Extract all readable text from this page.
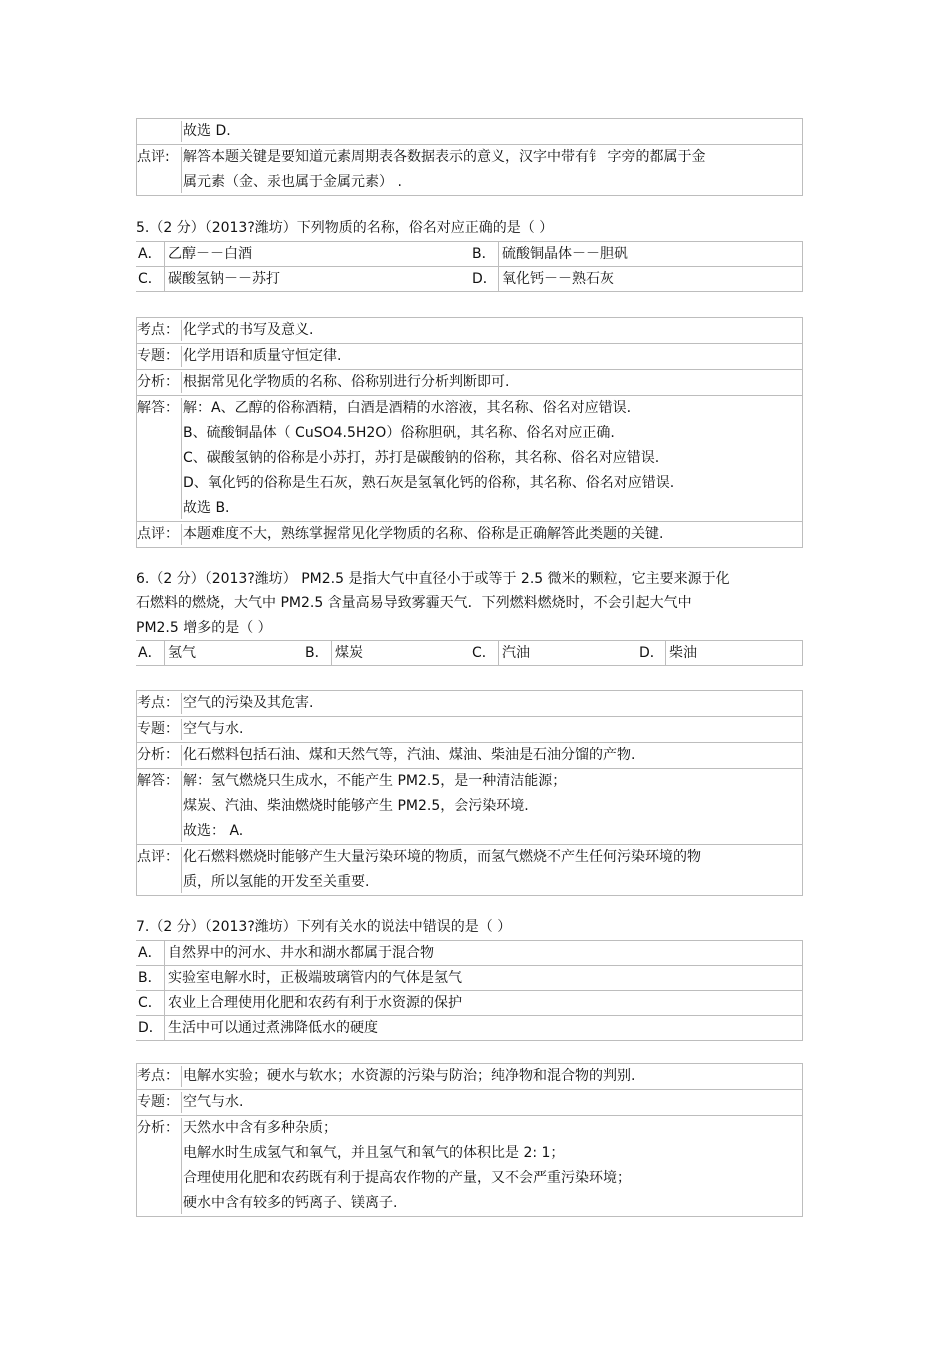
故选 D.
点评: 解答本题关键是要知道元素周期表各数据表示的意义，汉字中带有钅 字旁的都属于金
属元素（金、汞也属于金属元素） .
5.（2 分）（2013?潍坊）下列物质的名称，俗名对应正确的是（ ）
A． 乙醇－－白酒	B． 硫酸铜晶体－－胆矾
C． 碳酸氢钠－－苏打	D． 氧化钙－－熟石灰
考点： 化学式的书写及意义.
专题： 化学用语和质量守恒定律.
分析： 根据常见化学物质的名称、俗称别进行分析判断即可.
解答： 解：A、乙醇的俗称酒精，白酒是酒精的水溶液，其名称、俗名对应错误.
B、硫酸铜晶体（ CuSO4.5H2O）俗称胆矾，其名称、俗名对应正确.
C、碳酸氢钠的俗称是小苏打，苏打是碳酸钠的俗称，其名称、俗名对应错误.
D、氧化钙的俗称是生石灰，熟石灰是氢氧化钙的俗称，其名称、俗名对应错误.
故选 B.
点评： 本题难度不大，熟练掌握常见化学物质的名称、俗称是正确解答此类题的关键.
6.（2 分）（2013?潍坊） PM2.5 是指大气中直径小于或等于 2.5 微米的颗粒，它主要来源于化
石燃料的燃烧，大气中 PM2.5 含量高易导致雾霾天气．下列燃料燃烧时，不会引起大气中
PM2.5 增多的是（ ）
A． 氢气	B． 煤炭	C． 汽油	D． 柴油
考点： 空气的污染及其危害.
专题： 空气与水.
分析： 化石燃料包括石油、煤和天然气等，汽油、煤油、柴油是石油分馏的产物.
解答： 解：氢气燃烧只生成水，不能产生 PM2.5，是一种清洁能源；
煤炭、汽油、柴油燃烧时能够产生 PM2.5，会污染环境.
故选： A.
点评： 化石燃料燃烧时能够产生大量污染环境的物质，而氢气燃烧不产生任何污染环境的物
质，所以氢能的开发至关重要.
7.（2 分）（2013?潍坊）下列有关水的说法中错误的是（ ）
A． 自然界中的河水、井水和湖水都属于混合物
B． 实验室电解水时，正极端玻璃管内的气体是氢气
C． 农业上合理使用化肥和农药有利于水资源的保护
D． 生活中可以通过煮沸降低水的硬度
考点： 电解水实验；硬水与软水；水资源的污染与防治；纯净物和混合物的判别.
专题： 空气与水.
分析： 天然水中含有多种杂质；
电解水时生成氢气和氧气，并且氢气和氧气的体积比是 2: 1；
合理使用化肥和农药既有利于提高农作物的产量，又不会严重污染环境；
硬水中含有较多的钙离子、镁离子.
